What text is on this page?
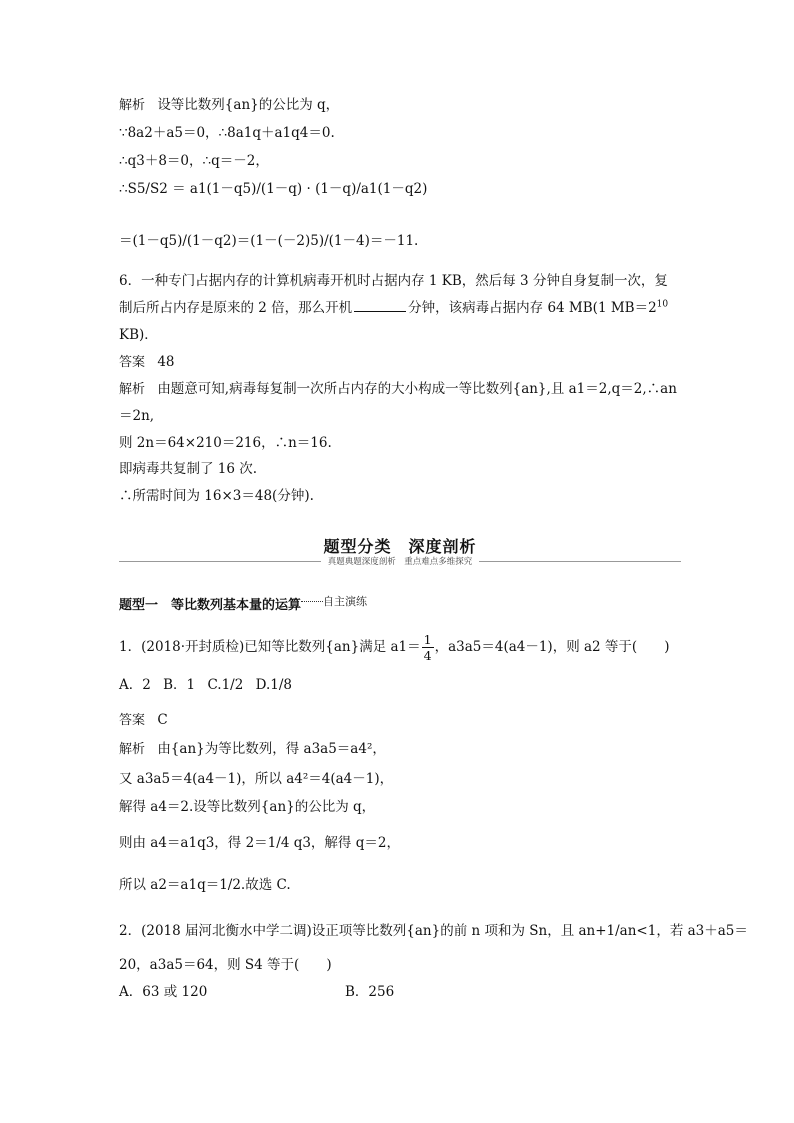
解析 设等比数列{an}的公比为 q，
∵8a2＋a5＝0，∴8a1q＋a1q4＝0.
∴q3＋8＝0，∴q＝－2，
∴S5/S2 ＝ a1(1－q5)/(1－q) · (1－q)/a1(1－q2)
＝(1－q5)/(1－q2)＝(1－(－2)5)/(1－4)＝－11.
6．一种专门占据内存的计算机病毒开机时占据内存 1 KB，然后每 3 分钟自身复制一次，复
制后所占内存是原来的 2 倍，那么开机	分钟，该病毒占据内存 64 MB(1 $MB=2^{10}$
KB)．
答案 48
解析 由题意可知,病毒每复制一次所占内存的大小构成一等比数列{an},且 a1＝2,q＝2,∴an
＝2n,
则 2n＝64×210＝216，∴n＝16.
即病毒共复制了 16 次.
∴所需时间为 16×3＝48(分钟).
题型分类　深度剖析
真题典题深度剖析　重点难点多维探究
题型一　等比数列基本量的运算 $^{自主演练}$
1．(2018·开封质检)已知等比数列{an}满足 $a1= \frac{1}{4}$ ，a3a5＝4(a4－1)，则 a2 等于(　　)
A．2 B．1 C.1/2 D.1/8
答案 C
解析 由{an}为等比数列，得 a3a5＝a4²，
又 a3a5＝4(a4－1)，所以 a4²＝4(a4－1)，
解得 a4＝2.设等比数列{an}的公比为 q，
则由 a4＝a1q3，得 2＝1/4 q3，解得 q＝2，
所以 a2＝a1q＝1/2.故选 C.
2．(2018 届河北衡水中学二调)设正项等比数列{an}的前 n 项和为 Sn，且 an+1/an<1，若 a3＋a5＝
20，a3a5＝64，则 S4 等于(　　)
A．63 或 120	B．256
